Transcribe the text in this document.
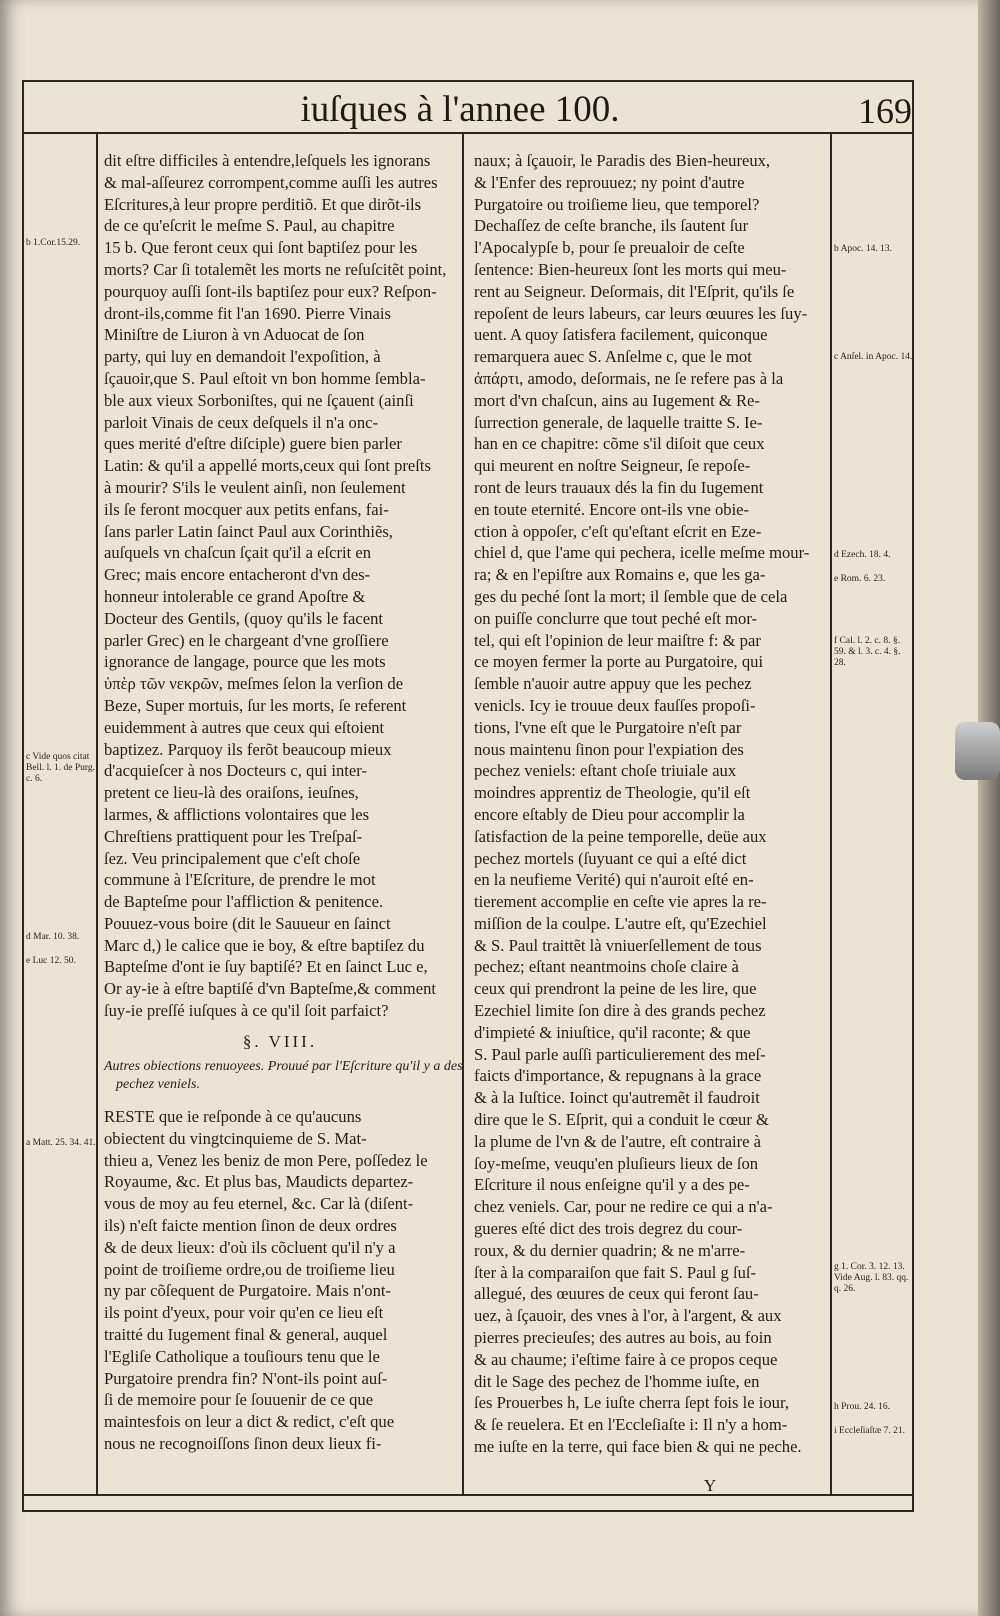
iuſques à l'annee 100.	169
dit eſtre difficiles à entendre,leſquels les ignorans
& mal-aſſeurez corrompent,comme auſſi les autres
Eſcritures,à leur propre perditiõ. Et que dirõt-ils
de ce qu'eſcrit le meſme S. Paul, au chapitre
15 b. Que feront ceux qui ſont baptiſez pour les
morts? Car ſi totalemẽt les morts ne reſuſcitẽt point,
pourquoy auſſi ſont-ils baptiſez pour eux? Reſpon-
dront-ils,comme fit l'an 1690. Pierre Vinais
Miniſtre de Liuron à vn Aduocat de ſon
party, qui luy en demandoit l'expoſition, à
ſçauoir,que S. Paul eſtoit vn bon homme ſembla-
ble aux vieux Sorboniſtes, qui ne ſçauent (ainſi
parloit Vinais de ceux deſquels il n'a onc-
ques merité d'eſtre diſciple) guere bien parler
Latin: & qu'il a appellé morts,ceux qui ſont preſts
à mourir? S'ils le veulent ainſi, non ſeulement
ils ſe feront mocquer aux petits enfans, fai-
ſans parler Latin ſainct Paul aux Corinthiẽs,
auſquels vn chaſcun ſçait qu'il a eſcrit en
Grec; mais encore entacheront d'vn des-
honneur intolerable ce grand Apoſtre &
Docteur des Gentils, (quoy qu'ils le facent
parler Grec) en le chargeant d'vne groſſiere
ignorance de langage, pource que les mots
ὑπὲρ τῶν νεκρῶν, meſmes ſelon la verſion de
Beze, Super mortuis, ſur les morts, ſe referent
euidemment à autres que ceux qui eſtoient
baptizez. Parquoy ils ferõt beaucoup mieux
d'acquieſcer à nos Docteurs c, qui inter-
pretent ce lieu-là des oraiſons, ieuſnes,
larmes, & afflictions volontaires que les
Chreſtiens prattiquent pour les Treſpaſ-
ſez. Veu principalement que c'eſt choſe
commune à l'Eſcriture, de prendre le mot
de Bapteſme pour l'affliction & penitence.
Pouuez-vous boire (dit le Sauueur en ſainct
Marc d,) le calice que ie boy, & eſtre baptiſez du
Bapteſme d'ont ie ſuy baptiſé? Et en ſainct Luc e,
Or ay-ie à eſtre baptiſé d'vn Bapteſme,& comment
ſuy-ie preſſé iuſques à ce qu'il ſoit parfaict?
§. VIII.
Autres obiections renuoyees. Prouué par l'Eſcriture qu'il y a des pechez veniels.
RESTE que ie reſponde à ce qu'aucuns
obiectent du vingtcinquieme de S. Mat-
thieu a, Venez les beniz de mon Pere, poſſedez le
Royaume, &c. Et plus bas, Maudicts departez-
vous de moy au feu eternel, &c. Car là (diſent-
ils) n'eſt faicte mention ſinon de deux ordres
& de deux lieux: d'où ils cõcluent qu'il n'y a
point de troiſieme ordre,ou de troiſieme lieu
ny par cõſequent de Purgatoire. Mais n'ont-
ils point d'yeux, pour voir qu'en ce lieu eſt
traitté du Iugement final & general, auquel
l'Egliſe Catholique a touſiours tenu que le
Purgatoire prendra fin? N'ont-ils point auſ-
ſi de memoire pour ſe ſouuenir de ce que
maintesfois on leur a dict & redict, c'eſt que
nous ne recognoiſſons ſinon deux lieux fi-
naux; à ſçauoir, le Paradis des Bien-heureux,
& l'Enfer des reprouuez; ny point d'autre
Purgatoire ou troiſieme lieu, que temporel?
Dechaſſez de ceſte branche, ils ſautent ſur
l'Apocalypſe b, pour ſe preualoir de ceſte
ſentence: Bien-heureux ſont les morts qui meu-
rent au Seigneur. Deſormais, dit l'Eſprit, qu'ils ſe
repoſent de leurs labeurs, car leurs œuures les ſuy-
uent. A quoy ſatisfera facilement, quiconque
remarquera auec S. Anſelme c, que le mot
ἀπάρτι, amodo, deſormais, ne ſe refere pas à la
mort d'vn chaſcun, ains au Iugement & Re-
ſurrection generale, de laquelle traitte S. Ie-
han en ce chapitre: cõme s'il diſoit que ceux
qui meurent en noſtre Seigneur, ſe repoſe-
ront de leurs trauaux dés la fin du Iugement
en toute eternité. Encore ont-ils vne obie-
ction à oppoſer, c'eſt qu'eſtant eſcrit en Eze-
chiel d, que l'ame qui pechera, icelle meſme mour-
ra; & en l'epiſtre aux Romains e, que les ga-
ges du peché ſont la mort; il ſemble que de cela
on puiſſe conclurre que tout peché eſt mor-
tel, qui eſt l'opinion de leur maiſtre f: & par
ce moyen fermer la porte au Purgatoire, qui
ſemble n'auoir autre appuy que les pechez
venicls. Icy ie trouue deux fauſſes propoſi-
tions, l'vne eſt que le Purgatoire n'eſt par
nous maintenu ſinon pour l'expiation des
pechez veniels: eſtant choſe triuiale aux
moindres apprentiz de Theologie, qu'il eſt
encore eſtably de Dieu pour accomplir la
ſatisfaction de la peine temporelle, deüe aux
pechez mortels (ſuyuant ce qui a eſté dict
en la neufieme Verité) qui n'auroit eſté en-
tierement accomplie en ceſte vie apres la re-
miſſion de la coulpe. L'autre eſt, qu'Ezechiel
& S. Paul traittẽt là vniuerſellement de tous
pechez; eſtant neantmoins choſe claire à
ceux qui prendront la peine de les lire, que
Ezechiel limite ſon dire à des grands pechez
d'impieté & iniuſtice, qu'il raconte; & que
S. Paul parle auſſi particulierement des meſ-
faicts d'importance, & repugnans à la grace
& à la Iuſtice. Ioinct qu'autremẽt il faudroit
dire que le S. Eſprit, qui a conduit le cœur &
la plume de l'vn & de l'autre, eſt contraire à
ſoy-meſme, veuqu'en pluſieurs lieux de ſon
Eſcriture il nous enſeigne qu'il y a des pe-
chez veniels. Car, pour ne redire ce qui a n'a-
gueres eſté dict des trois degrez du cour-
roux, & du dernier quadrin; & ne m'arre-
ſter à la comparaiſon que fait S. Paul g ſuſ-
allegué, des œuures de ceux qui feront ſau-
uez, à ſçauoir, des vnes à l'or, à l'argent, & aux
pierres precieuſes; des autres au bois, au foin
& au chaume; i'eſtime faire à ce propos ceque
dit le Sage des pechez de l'homme iuſte, en
ſes Prouerbes h, Le iuſte cherra ſept fois le iour,
& ſe reuelera. Et en l'Eccleſiaſte i: Il n'y a hom-
me iuſte en la terre, qui face bien & qui ne peche.
b 1.Cor.15.29.
c Vide quos citat Bell. l. 1. de Purg. c. 6.
d Mar. 10. 38.
e Luc 12. 50.
a Matt. 25. 34. 41.
b Apoc. 14. 13.
c Anſel. in Apoc. 14.
d Ezech. 18. 4.
e Rom. 6. 23.
f Cal. l. 2. c. 8. §. 59. & l. 3. c. 4. §. 28.
g 1. Cor. 3. 12. 13. Vide Aug. l. 83. qq. q. 26.
h Prou. 24. 16.
i Eccleſiaſtæ 7. 21.
Y
